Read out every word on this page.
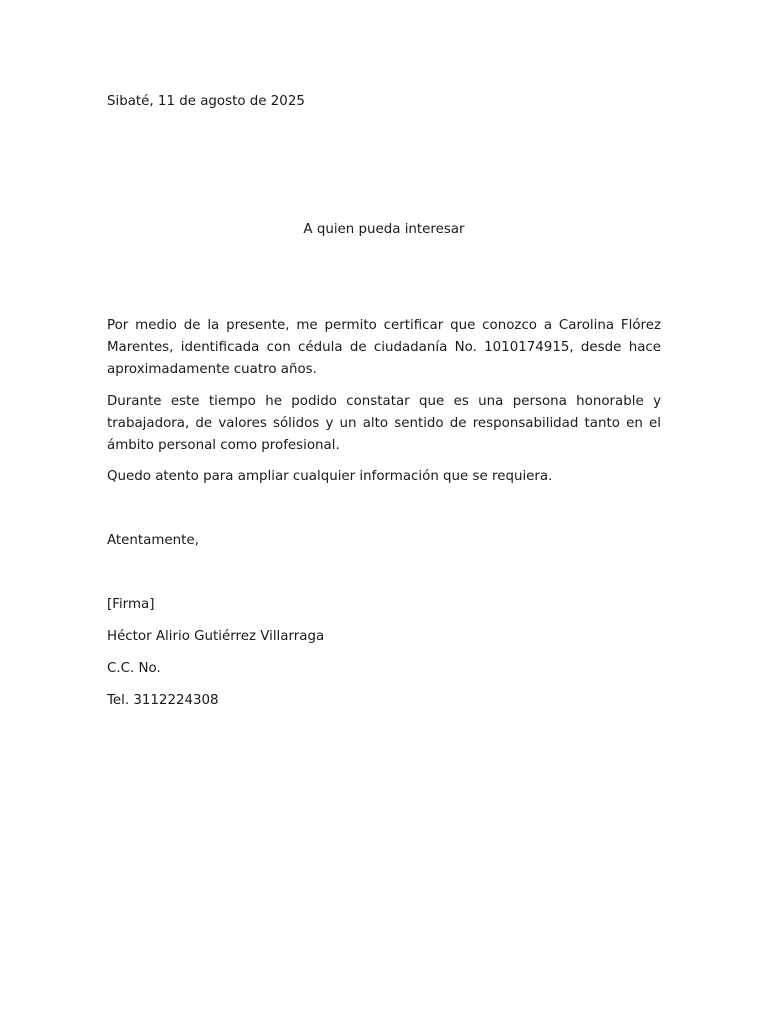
Sibaté, 11 de agosto de 2025
A quien pueda interesar

Por medio de la presente, me permito certificar que conozco a Carolina Flórez Marentes, identificada con cédula de ciudadanía No. 1010174915, desde hace aproximadamente cuatro años.

Durante este tiempo he podido constatar que es una persona honorable y trabajadora, de valores sólidos y un alto sentido de responsabilidad tanto en el ámbito personal como profesional.

Quedo atento para ampliar cualquier información que se requiera.

Atentamente,
[Firma]
Héctor Alirio Gutiérrez Villarraga
C.C. No.
Tel. 3112224308
